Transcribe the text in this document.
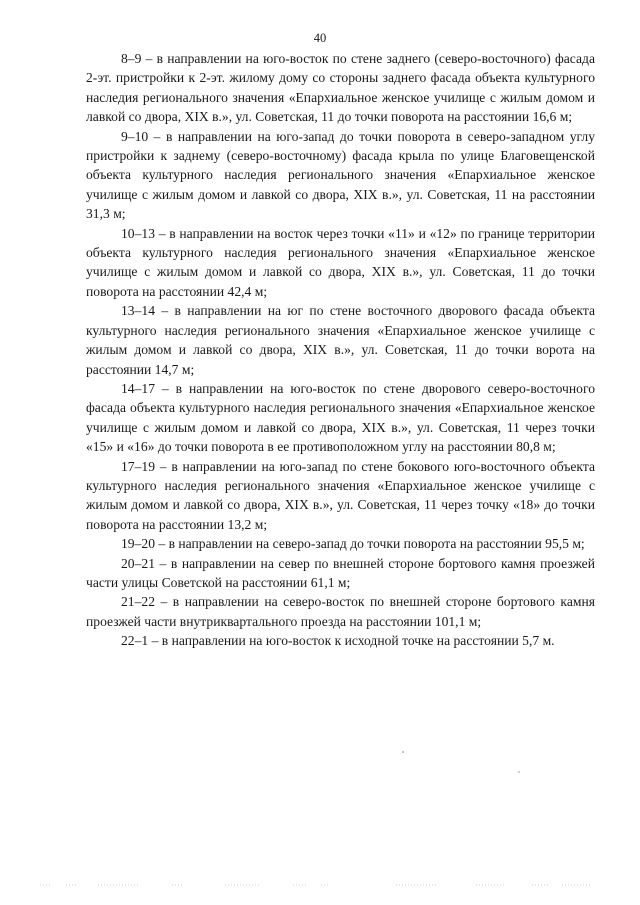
40

8–9 – в направлении на юго-восток по стене заднего (северо-восточного) фасада 2-эт. пристройки к 2-эт. жилому дому со стороны заднего фасада объекта культурного наследия регионального значения «Епархиальное женское училище с жилым домом и лавкой со двора, XIX в.», ул. Советская, 11 до точки поворота на расстоянии 16,6 м;

9–10 – в направлении на юго-запад до точки поворота в северо-западном углу пристройки к заднему (северо-восточному) фасада крыла по улице Благовещенской объекта культурного наследия регионального значения «Епархиальное женское училище с жилым домом и лавкой со двора, XIX в.», ул. Советская, 11 на расстоянии 31,3 м;

10–13 – в направлении на восток через точки «11» и «12» по границе территории объекта культурного наследия регионального значения «Епархиальное женское училище с жилым домом и лавкой со двора, XIX в.», ул. Советская, 11 до точки поворота на расстоянии 42,4 м;

13–14 – в направлении на юг по стене восточного дворового фасада объекта культурного наследия регионального значения «Епархиальное женское училище с жилым домом и лавкой со двора, XIX в.», ул. Советская, 11 до точки ворота на расстоянии 14,7 м;

14–17 – в направлении на юго-восток по стене дворового северо-восточного фасада объекта культурного наследия регионального значения «Епархиальное женское училище с жилым домом и лавкой со двора, XIX в.», ул. Советская, 11 через точки «15» и «16» до точки поворота в ее противоположном углу на расстоянии 80,8 м;

17–19 – в направлении на юго-запад по стене бокового юго-восточного объекта культурного наследия регионального значения «Епархиальное женское училище с жилым домом и лавкой со двора, XIX в.», ул. Советская, 11 через точку «18» до точки поворота на расстоянии 13,2 м;

19–20 – в направлении на северо-запад до точки поворота на расстоянии 95,5 м;

20–21 – в направлении на север по внешней стороне бортового камня проезжей части улицы Советской на расстоянии 61,1 м;

21–22 – в направлении на северо-восток по внешней стороне бортового камня проезжей части внутриквартального проезда на расстоянии 101,1 м;

22–1 – в направлении на юго-восток к исходной точке на расстоянии 5,7 м.
